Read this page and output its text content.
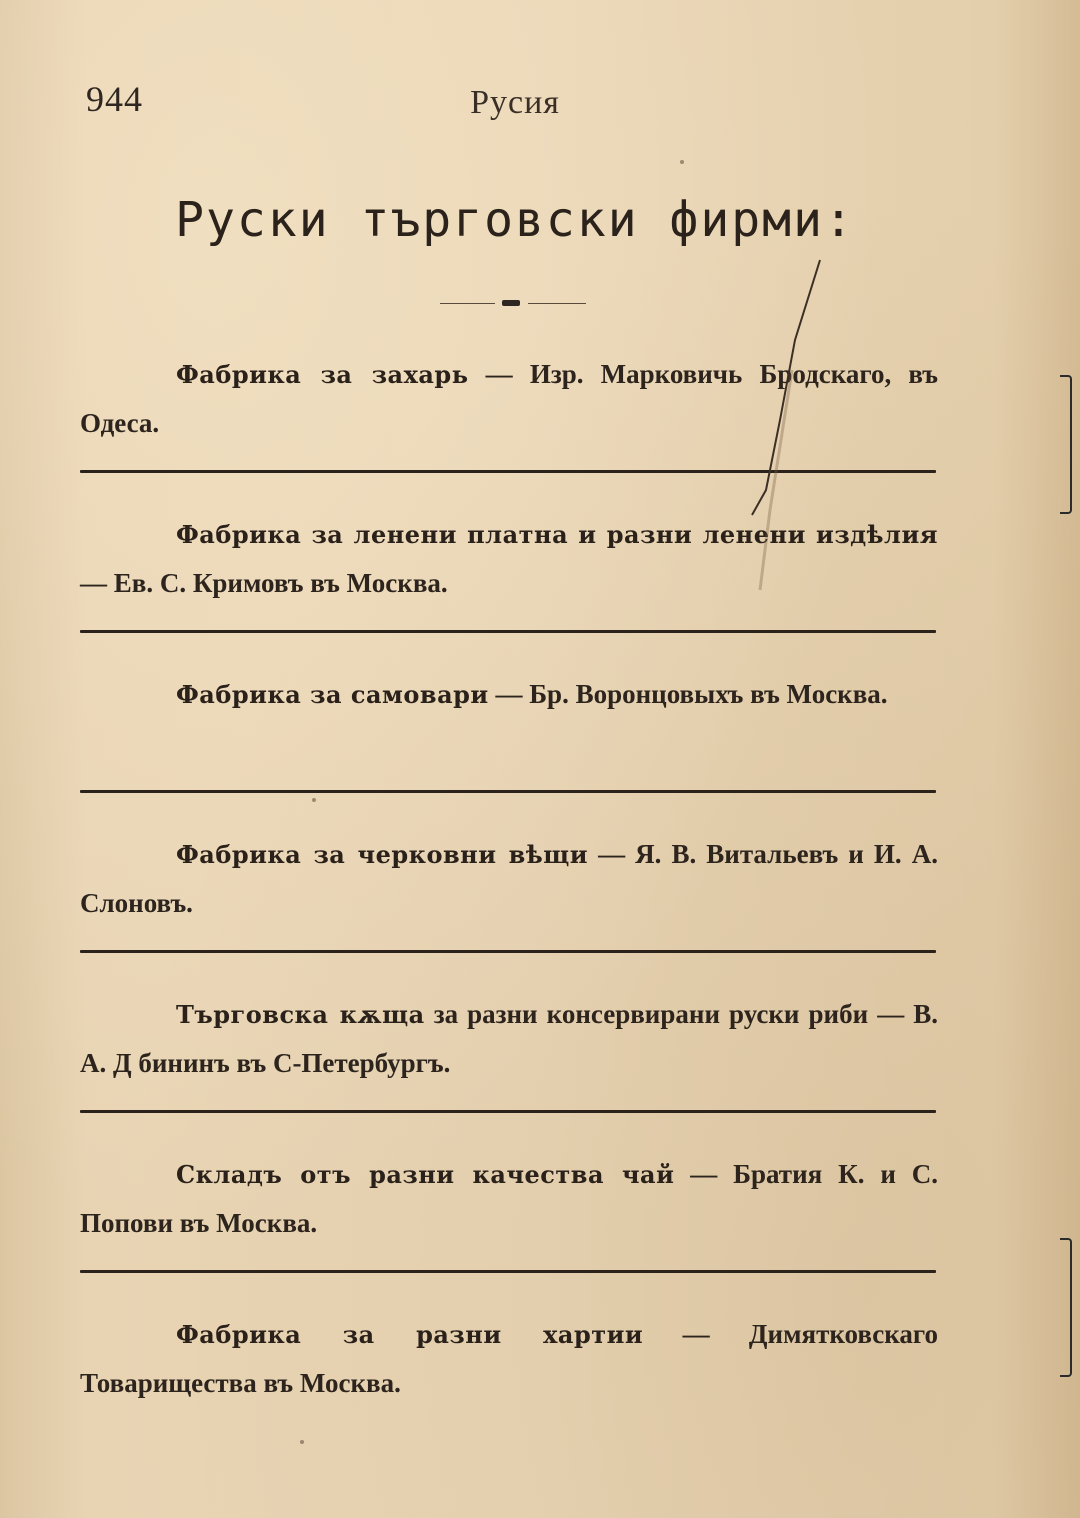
944	Русия
Руски търговски фирми:
Фабрика за захарь — Изр. Марковичь Бродскаго, въ Одеса.
Фабрика за ленени платна и разни ленени издѣлия — Ев. С. Кримовъ въ Москва.
Фабрика за самовари — Бр. Воронцовыхъ въ Москва.
Фабрика за черковни вѣщи — Я. В. Витальевъ и И. А. Слоновъ.
Търговска кѫща за разни консервирани руски риби — В. А. Д бининъ въ С-Петербургъ.
Складъ отъ разни качества чай — Братия К. и С. Попови въ Москва.
Фабрика за разни хартии — Димятковскаго Товарищества въ Москва.
